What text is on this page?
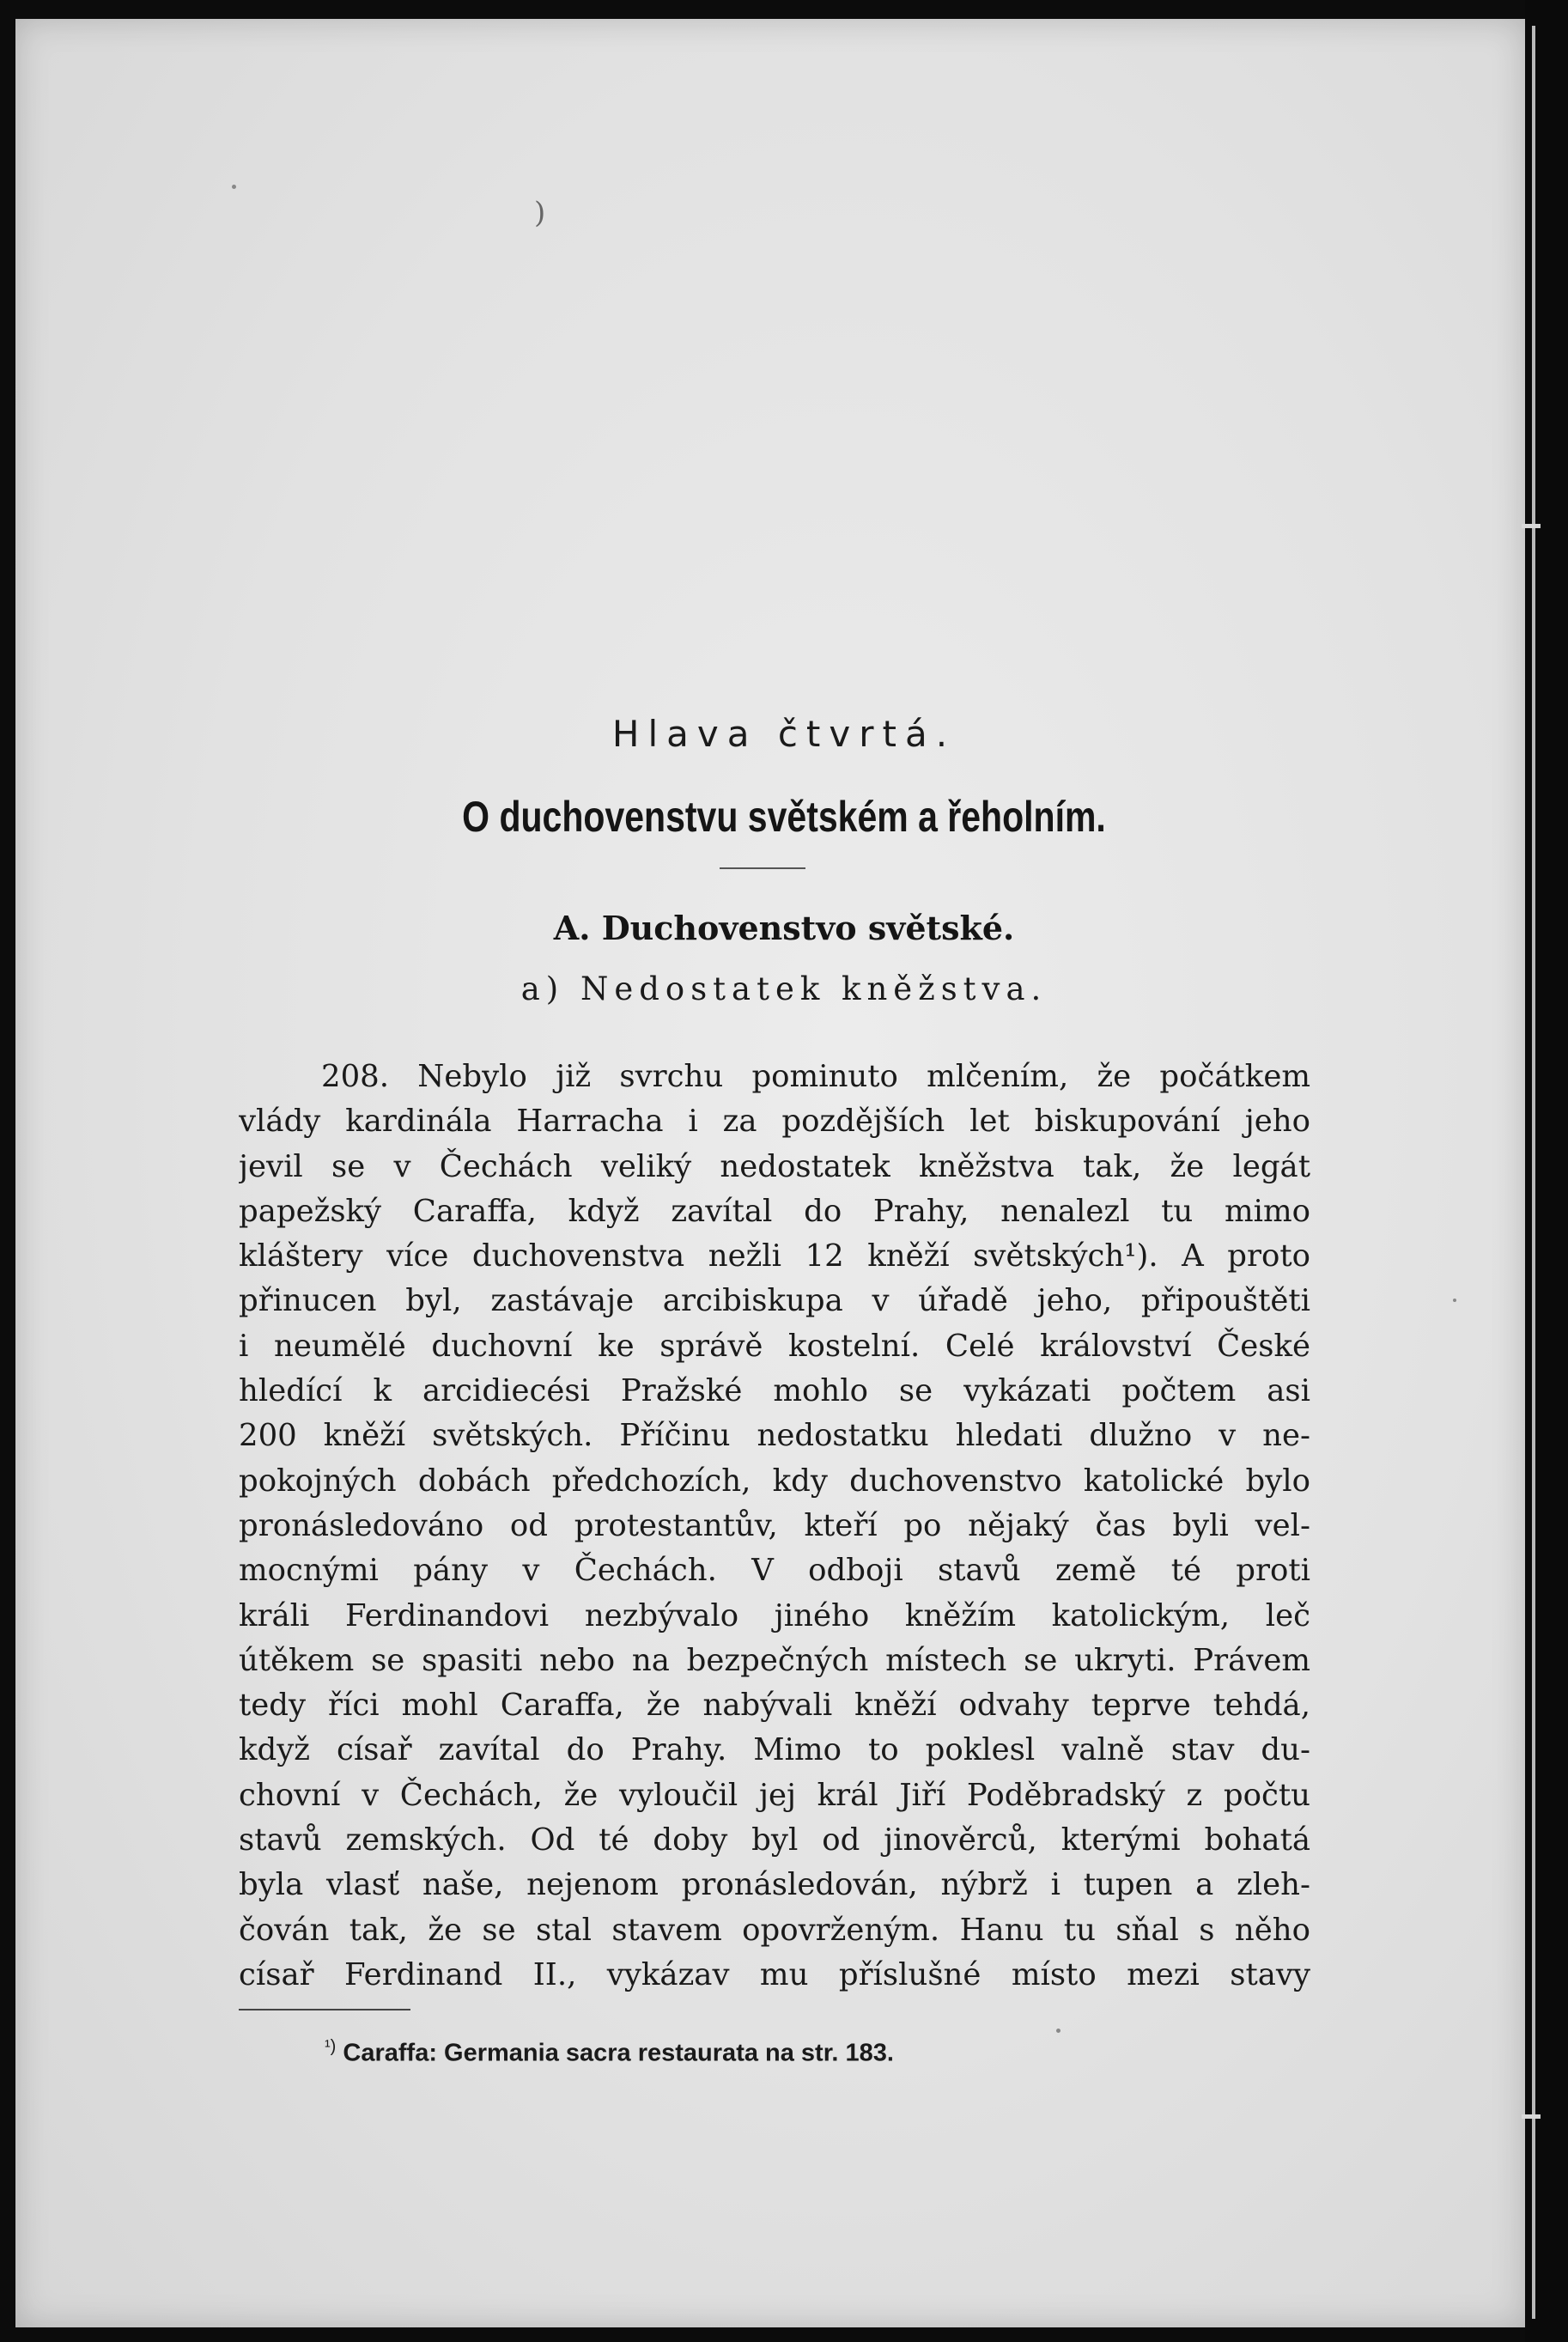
)
Hlava čtvrtá.
O duchovenstvu světském a řeholním.
A. Duchovenstvo světské.
a) Nedostatek kněžstva.
208. Nebylo již svrchu pominuto mlčením, že počátkem
vlády kardinála Harracha i za pozdějších let biskupování jeho
jevil se v Čechách veliký nedostatek kněžstva tak, že legát
papežský Caraffa, když zavítal do Prahy, nenalezl tu mimo
kláštery více duchovenstva nežli 12 kněží světských¹). A proto
přinucen byl, zastávaje arcibiskupa v úřadě jeho, připouštěti
i neumělé duchovní ke správě kostelní. Celé království České
hledící k arcidiecési Pražské mohlo se vykázati počtem asi
200 kněží světských. Příčinu nedostatku hledati dlužno v ne-
pokojných dobách předchozích, kdy duchovenstvo katolické bylo
pronásledováno od protestantův, kteří po nějaký čas byli vel-
mocnými pány v Čechách. V odboji stavů země té proti
králi Ferdinandovi nezbývalo jiného kněžím katolickým, leč
útěkem se spasiti nebo na bezpečných místech se ukryti. Právem
tedy říci mohl Caraffa, že nabývali kněží odvahy teprve tehdá,
když císař zavítal do Prahy. Mimo to poklesl valně stav du-
chovní v Čechách, že vyloučil jej král Jiří Poděbradský z počtu
stavů zemských. Od té doby byl od jinověrců, kterými bohatá
byla vlasť naše, nejenom pronásledován, nýbrž i tupen a zleh-
čován tak, že se stal stavem opovrženým. Hanu tu sňal s něho
císař Ferdinand II., vykázav mu příslušné místo mezi stavy
$^{^1)}$ Caraffa: Germania sacra restaurata na str. 183.
